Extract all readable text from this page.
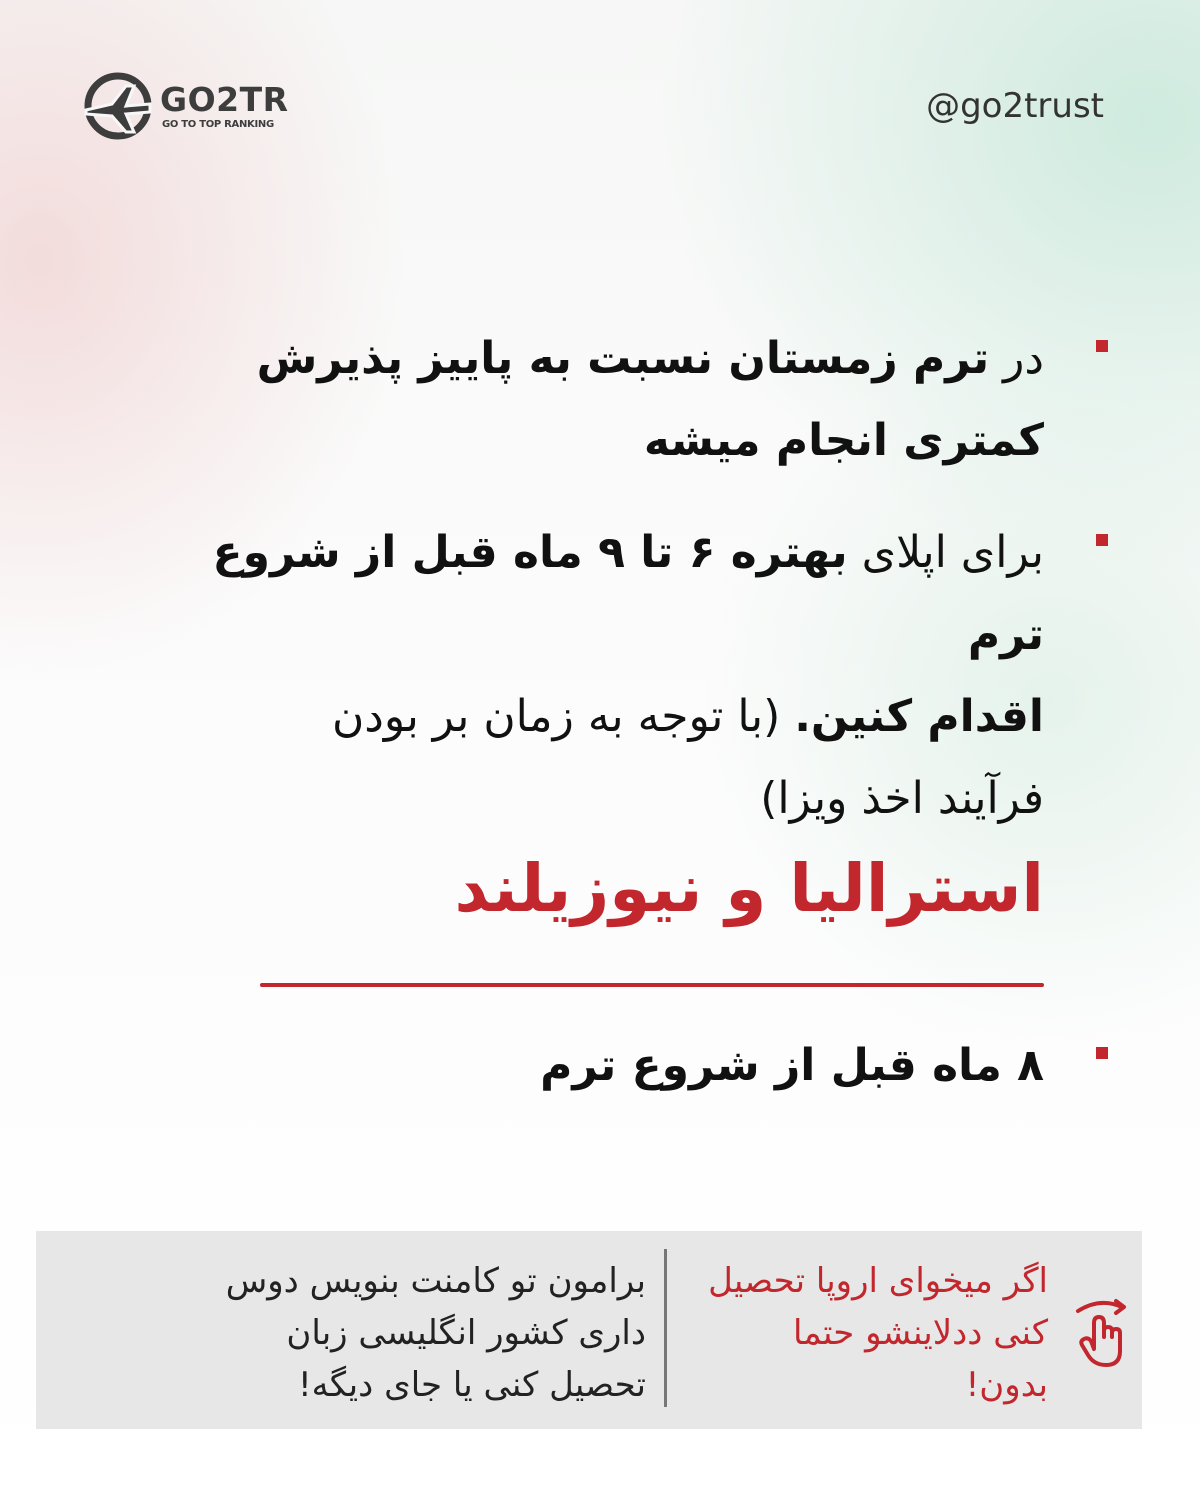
GO2TR
GO TO TOP RANKING	@go2trust
در ترم زمستان نسبت به پاییز پذیرش
کمتری انجام میشه
برای اپلای بهتره ۶ تا ۹ ماه قبل از شروع ترم
اقدام کنین. (با توجه به زمان بر بودن
فرآیند اخذ ویزا)
استرالیا و نیوزیلند
۸ ماه قبل از شروع ترم
برامون تو کامنت بنویس دوس
داری کشور انگلیسی زبان
تحصیل کنی یا جای دیگه!
اگر میخوای اروپا تحصیل
کنی ددلاینشو حتما
بدون!
